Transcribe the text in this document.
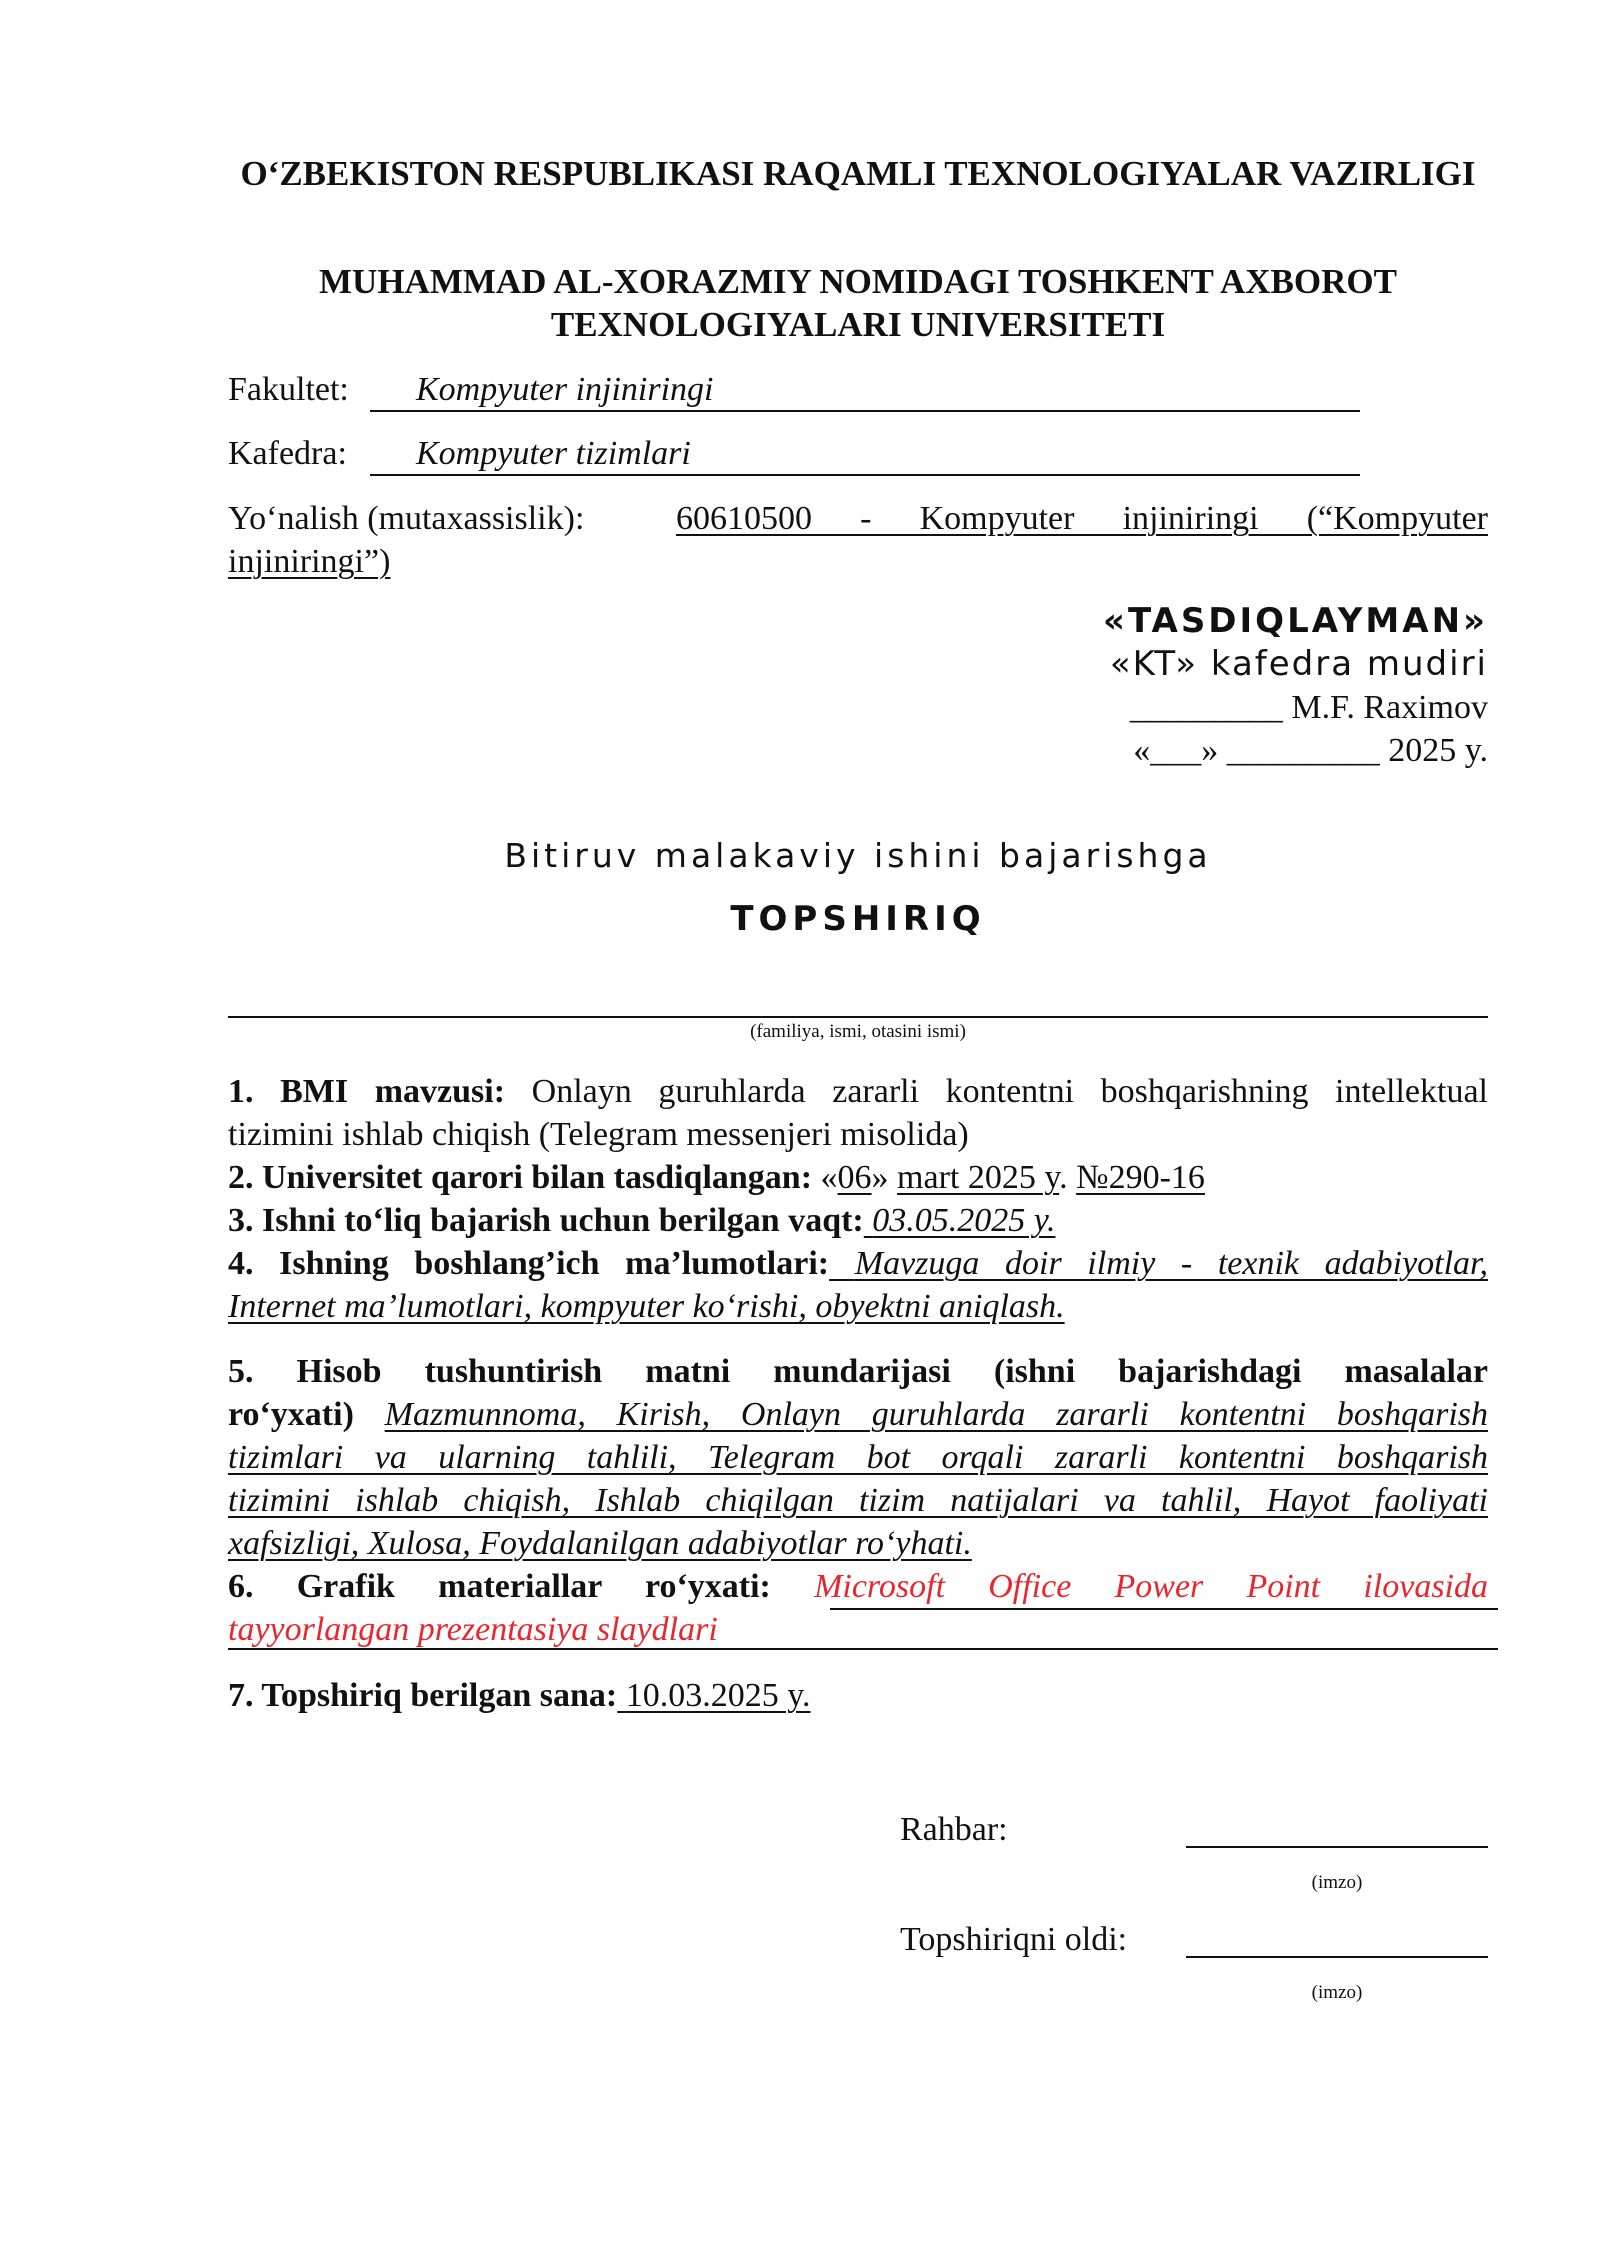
O‘ZBEKISTON RESPUBLIKASI RAQAMLI TEXNOLOGIYALAR VAZIRLIGI
MUHAMMAD AL-XORAZMIY NOMIDAGI TOSHKENT AXBOROT TEXNOLOGIYALARI UNIVERSITETI
Fakultet: Kompyuter injiniringi
Kafedra: Kompyuter tizimlari
Yo‘nalish (mutaxassislik):	60610500 - Kompyuter injiniringi (“Kompyuter
injiniringi”)
«TASDIQLAYMAN»
«KT» kafedra mudiri
_________ M.F. Raximov
«___» _________ 2025 y.
Bitiruv malakaviy ishini bajarishga
TOPSHIRIQ
(familiya, ismi, otasini ismi)
1. BMI mavzusi: Onlayn guruhlarda zararli kontentni boshqarishning intellektual
tizimini ishlab chiqish (Telegram messenjeri misolida)
2. Universitet qarori bilan tasdiqlangan: «06» mart 2025 y. №290-16
3. Ishni to‘liq bajarish uchun berilgan vaqt: 03.05.2025 y.
4. Ishning boshlang’ich ma’lumotlari: Mavzuga doir ilmiy - texnik adabiyotlar,
Internet ma’lumotlari, kompyuter ko‘rishi, obyektni aniqlash.
5. Hisob tushuntirish matni mundarijasi (ishni bajarishdagi masalalar
ro‘yxati) Mazmunnoma, Kirish, Onlayn guruhlarda zararli kontentni boshqarish
tizimlari va ularning tahlili, Telegram bot orqali zararli kontentni boshqarish
tizimini ishlab chiqish, Ishlab chiqilgan tizim natijalari va tahlil, Hayot faoliyati
xafsizligi, Xulosa, Foydalanilgan adabiyotlar ro‘yhati.
6. Grafik materiallar ro‘yxati: Microsoft Office Power Point ilovasida
tayyorlangan prezentasiya slaydlari
7. Topshiriq berilgan sana: 10.03.2025 y.
Rahbar:
(imzo)
Topshiriqni oldi:
(imzo)
